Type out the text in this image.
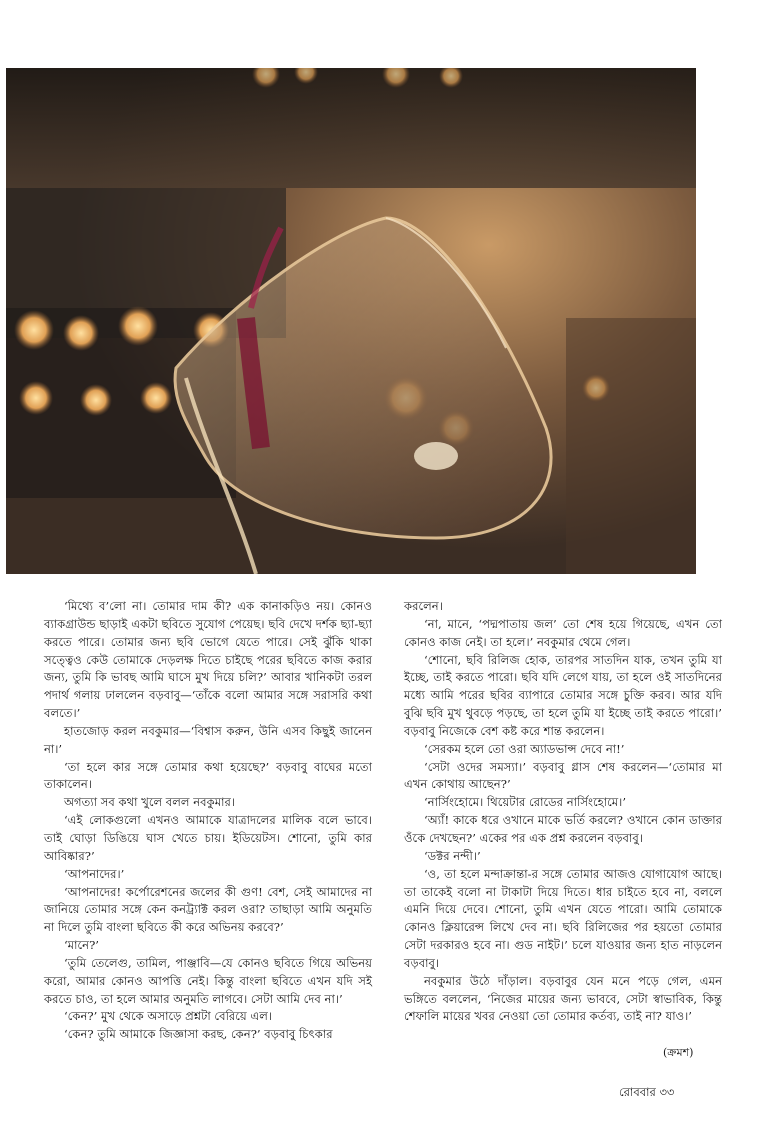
‘মিথ্যে ব’লো না। তোমার দাম কী? এক কানাকড়িও নয়। কোনও ব্যাকগ্রাউন্ড ছাড়াই একটা ছবিতে সুযোগ পেয়েছ। ছবি দেখে দর্শক ছ্যা-ছ্যা করতে পারে। তোমার জন্য ছবি ভোগে যেতে পারে। সেই ঝুঁকি থাকা সত্ত্বেও কেউ তোমাকে দেড়লক্ষ দিতে চাইছে পরের ছবিতে কাজ করার জন্য, তুমি কি ভাবছ আমি ঘাসে মুখ দিয়ে চলি?’ আবার খানিকটা তরল পদার্থ গলায় ঢাললেন বড়বাবু—‘তাঁকে বলো আমার সঙ্গে সরাসরি কথা বলতে।’

হাতজোড় করল নবকুমার—‘বিশ্বাস করুন, উনি এসব কিছুই জানেন না।’

‘তা হলে কার সঙ্গে তোমার কথা হয়েছে?’ বড়বাবু বাঘের মতো তাকালেন।

অগত্যা সব কথা খুলে বলল নবকুমার।

‘এই লোকগুলো এখনও আমাকে যাত্রাদলের মালিক বলে ভাবে। তাই ঘোড়া ডিঙিয়ে ঘাস খেতে চায়। ইডিয়েটস। শোনো, তুমি কার আবিষ্কার?’

‘আপনাদের।’

‘আপনাদের! কর্পোরেশনের জলের কী গুণ! বেশ, সেই আমাদের না জানিয়ে তোমার সঙ্গে কেন কনট্র্যাক্ট করল ওরা? তাছাড়া আমি অনুমতি না দিলে তুমি বাংলা ছবিতে কী করে অভিনয় করবে?’

‘মানে?’

‘তুমি তেলেগু, তামিল, পাঞ্জাবি—যে কোনও ছবিতে গিয়ে অভিনয় করো, আমার কোনও আপত্তি নেই। কিন্তু বাংলা ছবিতে এখন যদি সই করতে চাও, তা হলে আমার অনুমতি লাগবে। সেটা আমি দেব না।’

‘কেন?’ মুখ থেকে অসাড়ে প্রশ্নটা বেরিয়ে এল।

‘কেন? তুমি আমাকে জিজ্ঞাসা করছ, কেন?’ বড়বাবু চিৎকার

করলেন।

‘না, মানে, ‘পদ্মপাতায় জল’ তো শেষ হয়ে গিয়েছে, এখন তো কোনও কাজ নেই। তা হলে।’ নবকুমার থেমে গেল।

‘শোনো, ছবি রিলিজ হোক, তারপর সাতদিন যাক, তখন তুমি যা ইচ্ছে, তাই করতে পারো। ছবি যদি লেগে যায়, তা হলে ওই সাতদিনের মধ্যে আমি পরের ছবির ব্যাপারে তোমার সঙ্গে চুক্তি করব। আর যদি বুঝি ছবি মুখ থুবড়ে পড়ছে, তা হলে তুমি যা ইচ্ছে তাই করতে পারো।’ বড়বাবু নিজেকে বেশ কষ্ট করে শান্ত করলেন।

‘সেরকম হলে তো ওরা অ্যাডভান্স দেবে না!’

‘সেটা ওদের সমস্যা।’ বড়বাবু গ্লাস শেষ করলেন—‘তোমার মা এখন কোথায় আছেন?’

‘নার্সিংহোমে। থিয়েটার রোডের নার্সিংহোমে।’

‘অ্যাঁ! কাকে ধরে ওখানে মাকে ভর্তি করলে? ওখানে কোন ডাক্তার ওঁকে দেখছেন?’ একের পর এক প্রশ্ন করলেন বড়বাবু।

‘ডক্টর নন্দী।’

‘ও, তা হলে মন্দাক্রান্তা-র সঙ্গে তোমার আজও যোগাযোগ আছে। তা তাকেই বলো না টাকাটা দিয়ে দিতে। ধার চাইতে হবে না, বললে এমনি দিয়ে দেবে। শোনো, তুমি এখন যেতে পারো। আমি তোমাকে কোনও ক্লিয়ারেন্স লিখে দেব না। ছবি রিলিজের পর হয়তো তোমার সেটা দরকারও হবে না। গুড নাইট।’ চলে যাওয়ার জন্য হাত নাড়লেন বড়বাবু।

নবকুমার উঠে দাঁড়াল। বড়বাবুর যেন মনে পড়ে গেল, এমন ভঙ্গিতে বললেন, ‘নিজের মায়ের জন্য ভাববে, সেটা স্বাভাবিক, কিন্তু শেফালি মায়ের খবর নেওয়া তো তোমার কর্তব্য, তাই না? যাও।’

(ক্রমশ)
রোববার ৩৩
